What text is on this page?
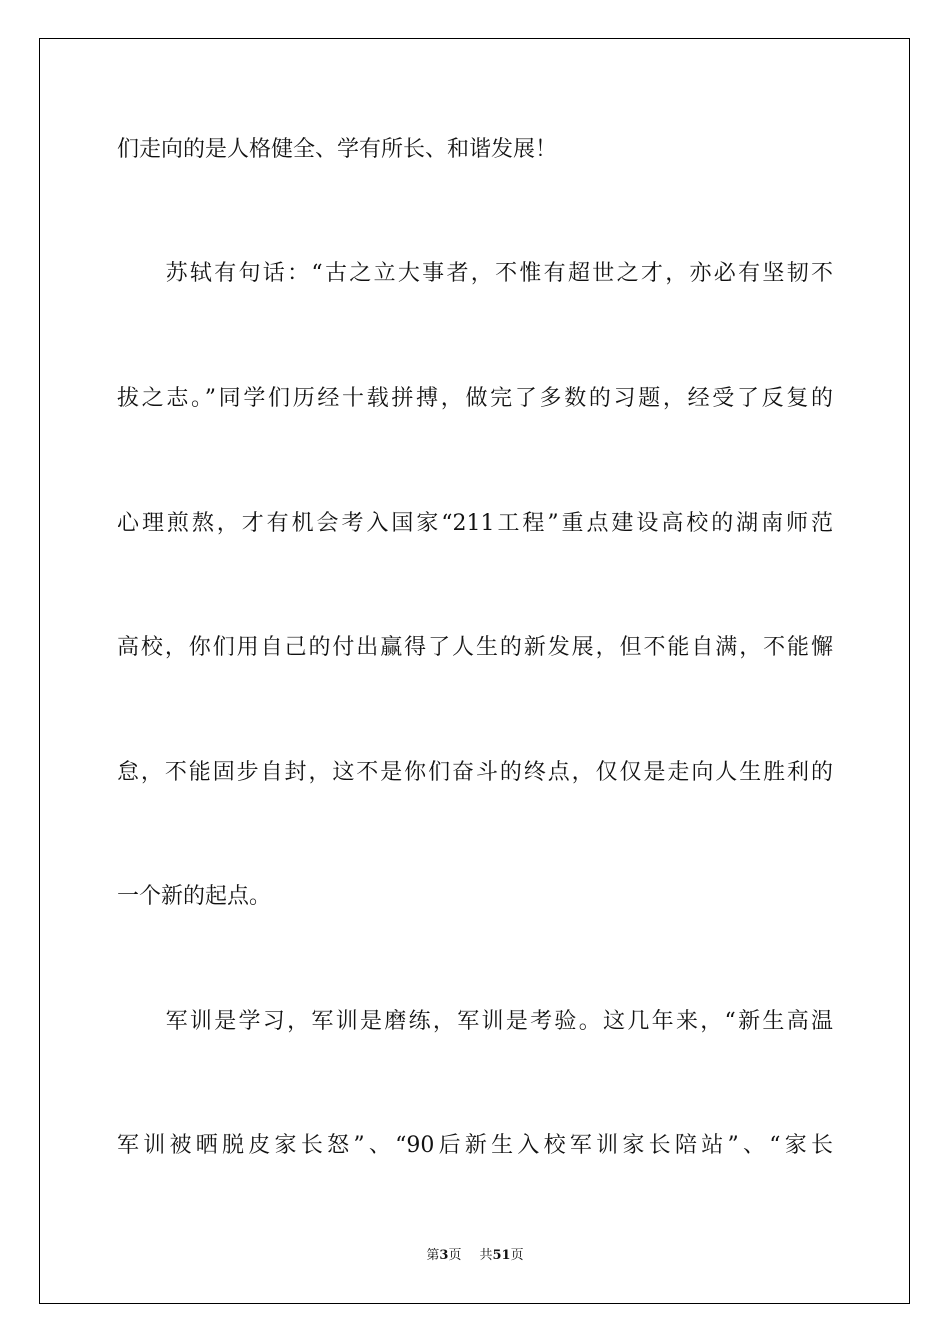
们走向的是人格健全、学有所长、和谐发展！

　　苏轼有句话：“古之立大事者，不惟有超世之才，亦必有坚韧不

拔之志。”同学们历经十载拼搏，做完了多数的习题，经受了反复的

心理煎熬，才有机会考入国家“211工程”重点建设高校的湖南师范

高校，你们用自己的付出赢得了人生的新发展，但不能自满，不能懈

怠，不能固步自封，这不是你们奋斗的终点，仅仅是走向人生胜利的

一个新的起点。

　　军训是学习，军训是磨练，军训是考验。这几年来，“新生高温

军训被晒脱皮家长怒”、“90后新生入校军训家长陪站”、“家长

第3页 共51页
